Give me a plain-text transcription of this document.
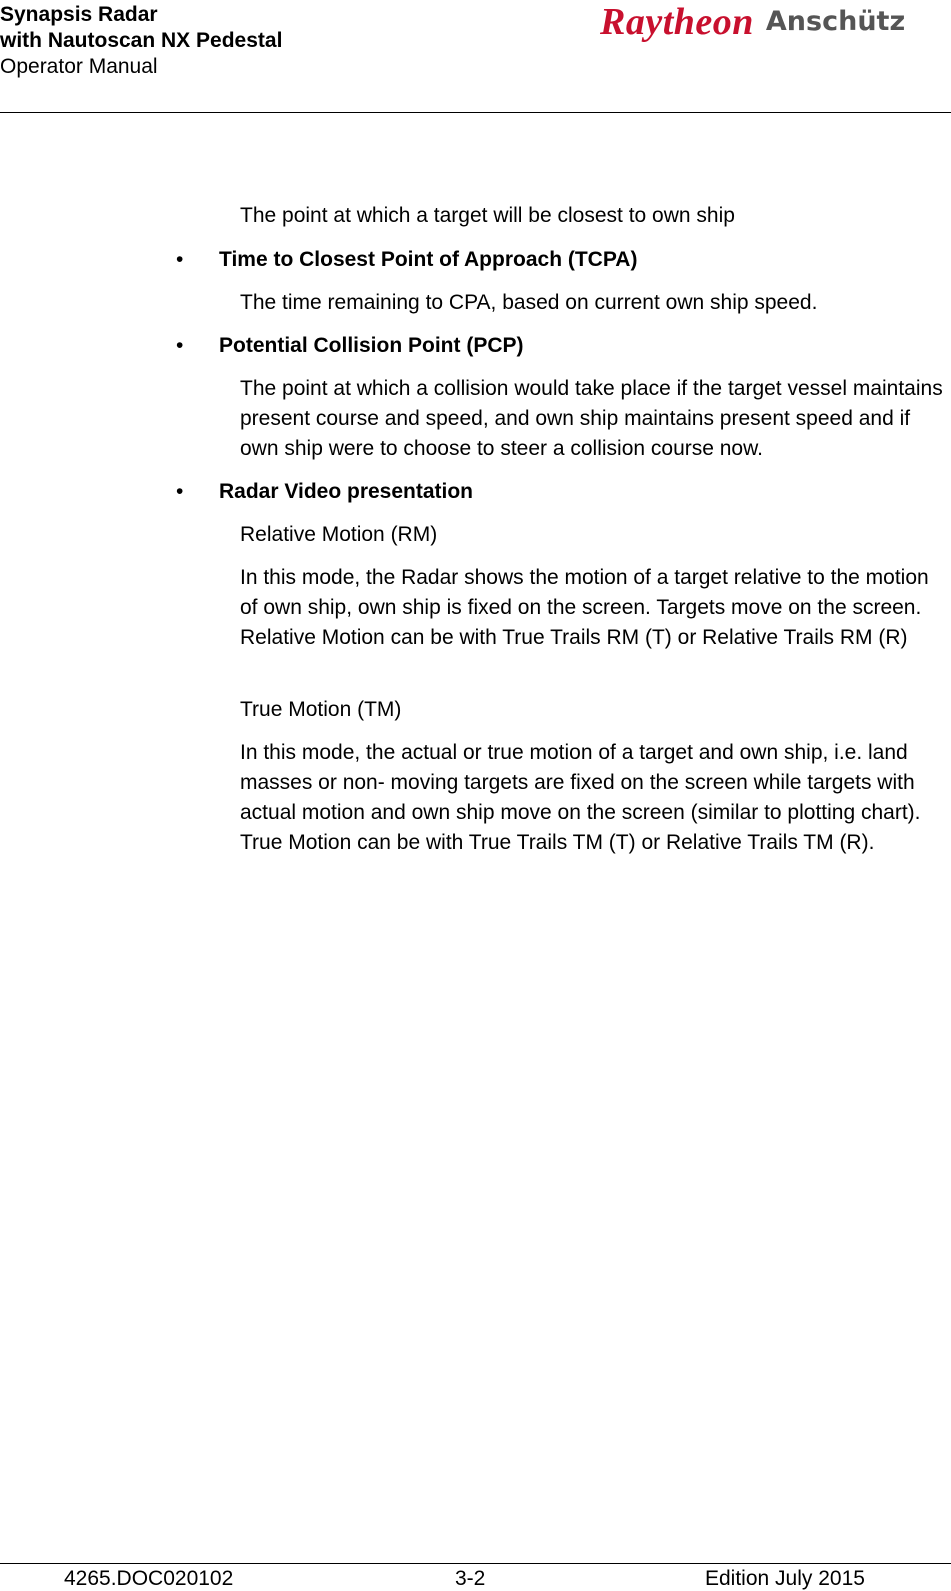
Synapsis Radar
with Nautoscan NX Pedestal
Operator Manual
Raytheon Anschütz
The point at which a target will be closest to own ship
• Time to Closest Point of Approach (TCPA)
The time remaining to CPA, based on current own ship speed.
• Potential Collision Point (PCP)
The point at which a collision would take place if the target vessel maintains present course and speed, and own ship maintains present speed and if own ship were to choose to steer a collision course now.
• Radar Video presentation
Relative Motion (RM)
In this mode, the Radar shows the motion of a target relative to the motion of own ship, own ship is fixed on the screen. Targets move on the screen. Relative Motion can be with True Trails RM (T) or Relative Trails RM (R)
True Motion (TM)
In this mode, the actual or true motion of a target and own ship, i.e. land masses or non- moving targets are fixed on the screen while targets with actual motion and own ship move on the screen (similar to plotting chart). True Motion can be with True Trails TM (T) or Relative Trails TM (R).
4265.DOC020102	3-2	Edition July 2015
